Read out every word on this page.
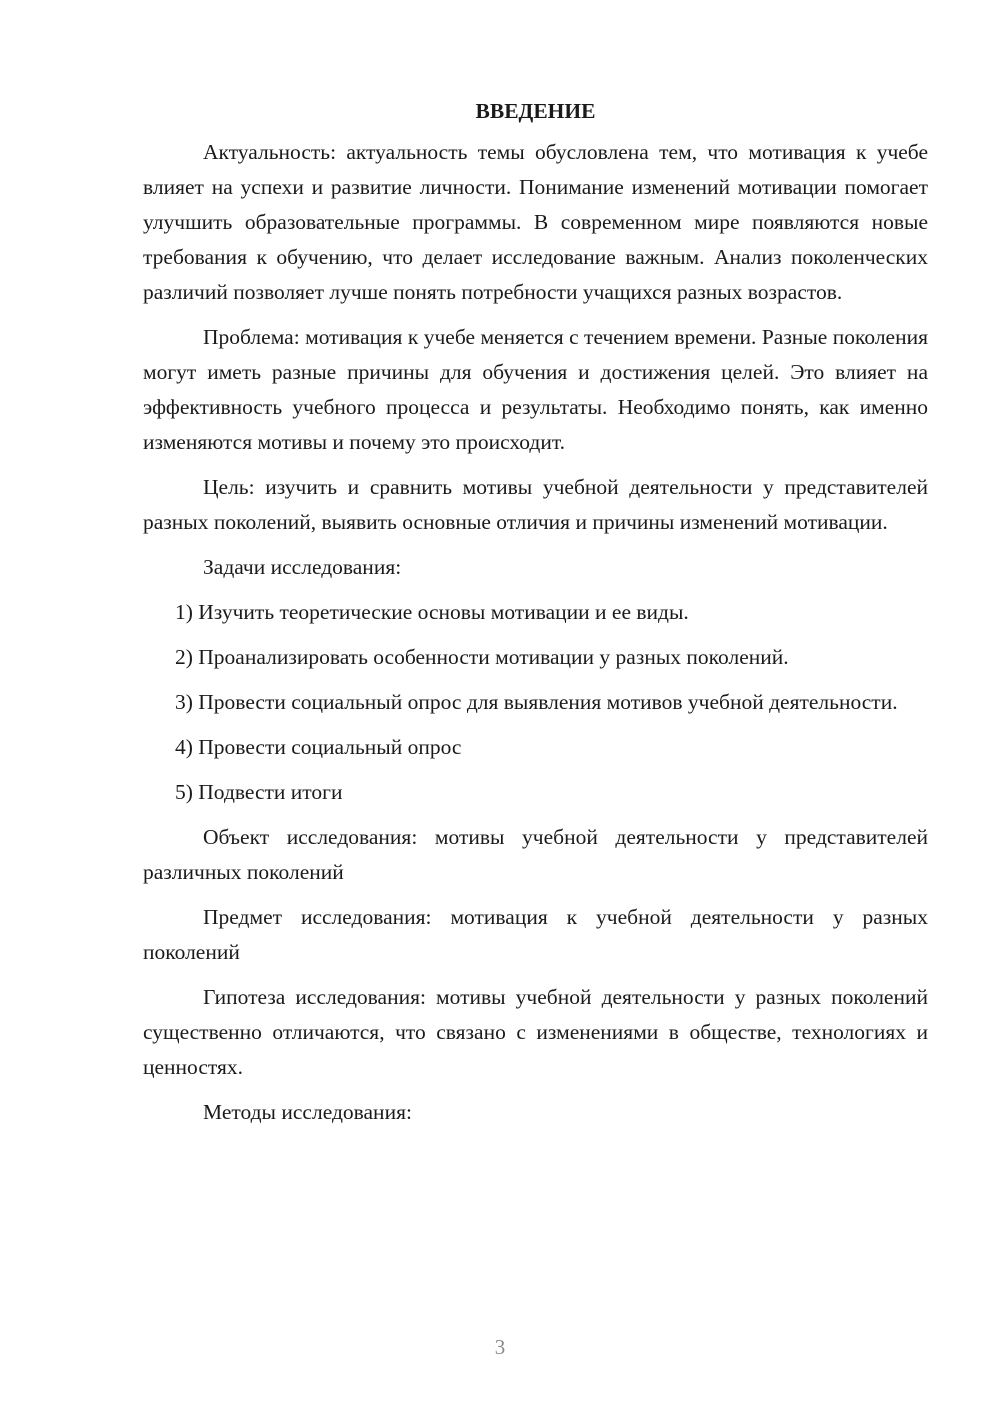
ВВЕДЕНИЕ

Актуальность: актуальность темы обусловлена тем, что мотивация к учебе влияет на успехи и развитие личности. Понимание изменений мотивации помогает улучшить образовательные программы. В современном мире появляются новые требования к обучению, что делает исследование важным. Анализ поколенческих различий позволяет лучше понять потребности учащихся разных возрастов.

Проблема: мотивация к учебе меняется с течением времени. Разные поколения могут иметь разные причины для обучения и достижения целей. Это влияет на эффективность учебного процесса и результаты. Необходимо понять, как именно изменяются мотивы и почему это происходит.

Цель: изучить и сравнить мотивы учебной деятельности у представителей разных поколений, выявить основные отличия и причины изменений мотивации.

Задачи исследования:

1) Изучить теоретические основы мотивации и ее виды.

2) Проанализировать особенности мотивации у разных поколений.

3) Провести социальный опрос для выявления мотивов учебной деятельности.

4) Провести социальный опрос

5) Подвести итоги

Объект исследования: мотивы учебной деятельности у представителей различных поколений

Предмет исследования: мотивация к учебной деятельности у разных поколений

Гипотеза исследования: мотивы учебной деятельности у разных поколений существенно отличаются, что связано с изменениями в обществе, технологиях и ценностях.

Методы исследования:

3
